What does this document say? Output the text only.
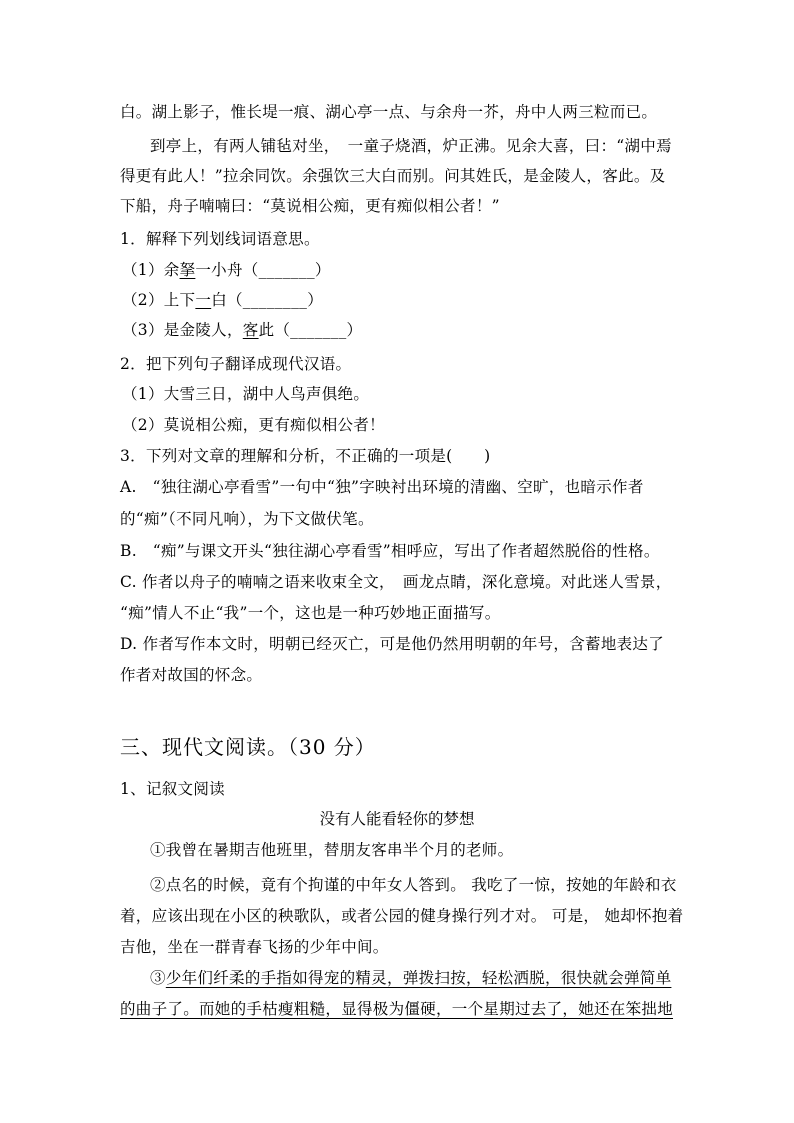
白。湖上影子，惟长堤一痕、湖心亭一点、与余舟一芥，舟中人两三粒而已。
到亭上，有两人铺毡对坐，　一童子烧酒，炉正沸。见余大喜，曰：“湖中焉
得更有此人！”拉余同饮。余强饮三大白而别。问其姓氏，是金陵人，客此。及
下船，舟子喃喃曰：“莫说相公痴，更有痴似相公者！”
1．解释下列划线词语意思。
（1）余拏一小舟（_______）
（2）上下一白（________）
（3）是金陵人，客此（_______）
2．把下列句子翻译成现代汉语。
（1）大雪三日，湖中人鸟声俱绝。
（2）莫说相公痴，更有痴似相公者！
3．下列对文章的理解和分析，不正确的一项是(　　)
A.　“独往湖心亭看雪”一句中“独”字映衬出环境的清幽、空旷，也暗示作者
的“痴”（不同凡响），为下文做伏笔。
B.　“痴”与课文开头“独往湖心亭看雪”相呼应，写出了作者超然脱俗的性格。
C. 作者以舟子的喃喃之语来收束全文，　画龙点睛，深化意境。对此迷人雪景，
“痴”情人不止“我”一个，这也是一种巧妙地正面描写。
D. 作者写作本文时，明朝已经灭亡，可是他仍然用明朝的年号，含蓄地表达了
作者对故国的怀念。
三、现代文阅读。（30 分）
1、记叙文阅读
没有人能看轻你的梦想
①我曾在暑期吉他班里，替朋友客串半个月的老师。
②点名的时候，竟有个拘谨的中年女人答到。 我吃了一惊，按她的年龄和衣
着，应该出现在小区的秧歌队，或者公园的健身操行列才对。 可是， 她却怀抱着
吉他，坐在一群青春飞扬的少年中间。
③少年们纤柔的手指如得宠的精灵，弹拨扫按，轻松洒脱，很快就会弹简单
的曲子了。而她的手枯瘦粗糙，显得极为僵硬，一个星期过去了，她还在笨拙地
